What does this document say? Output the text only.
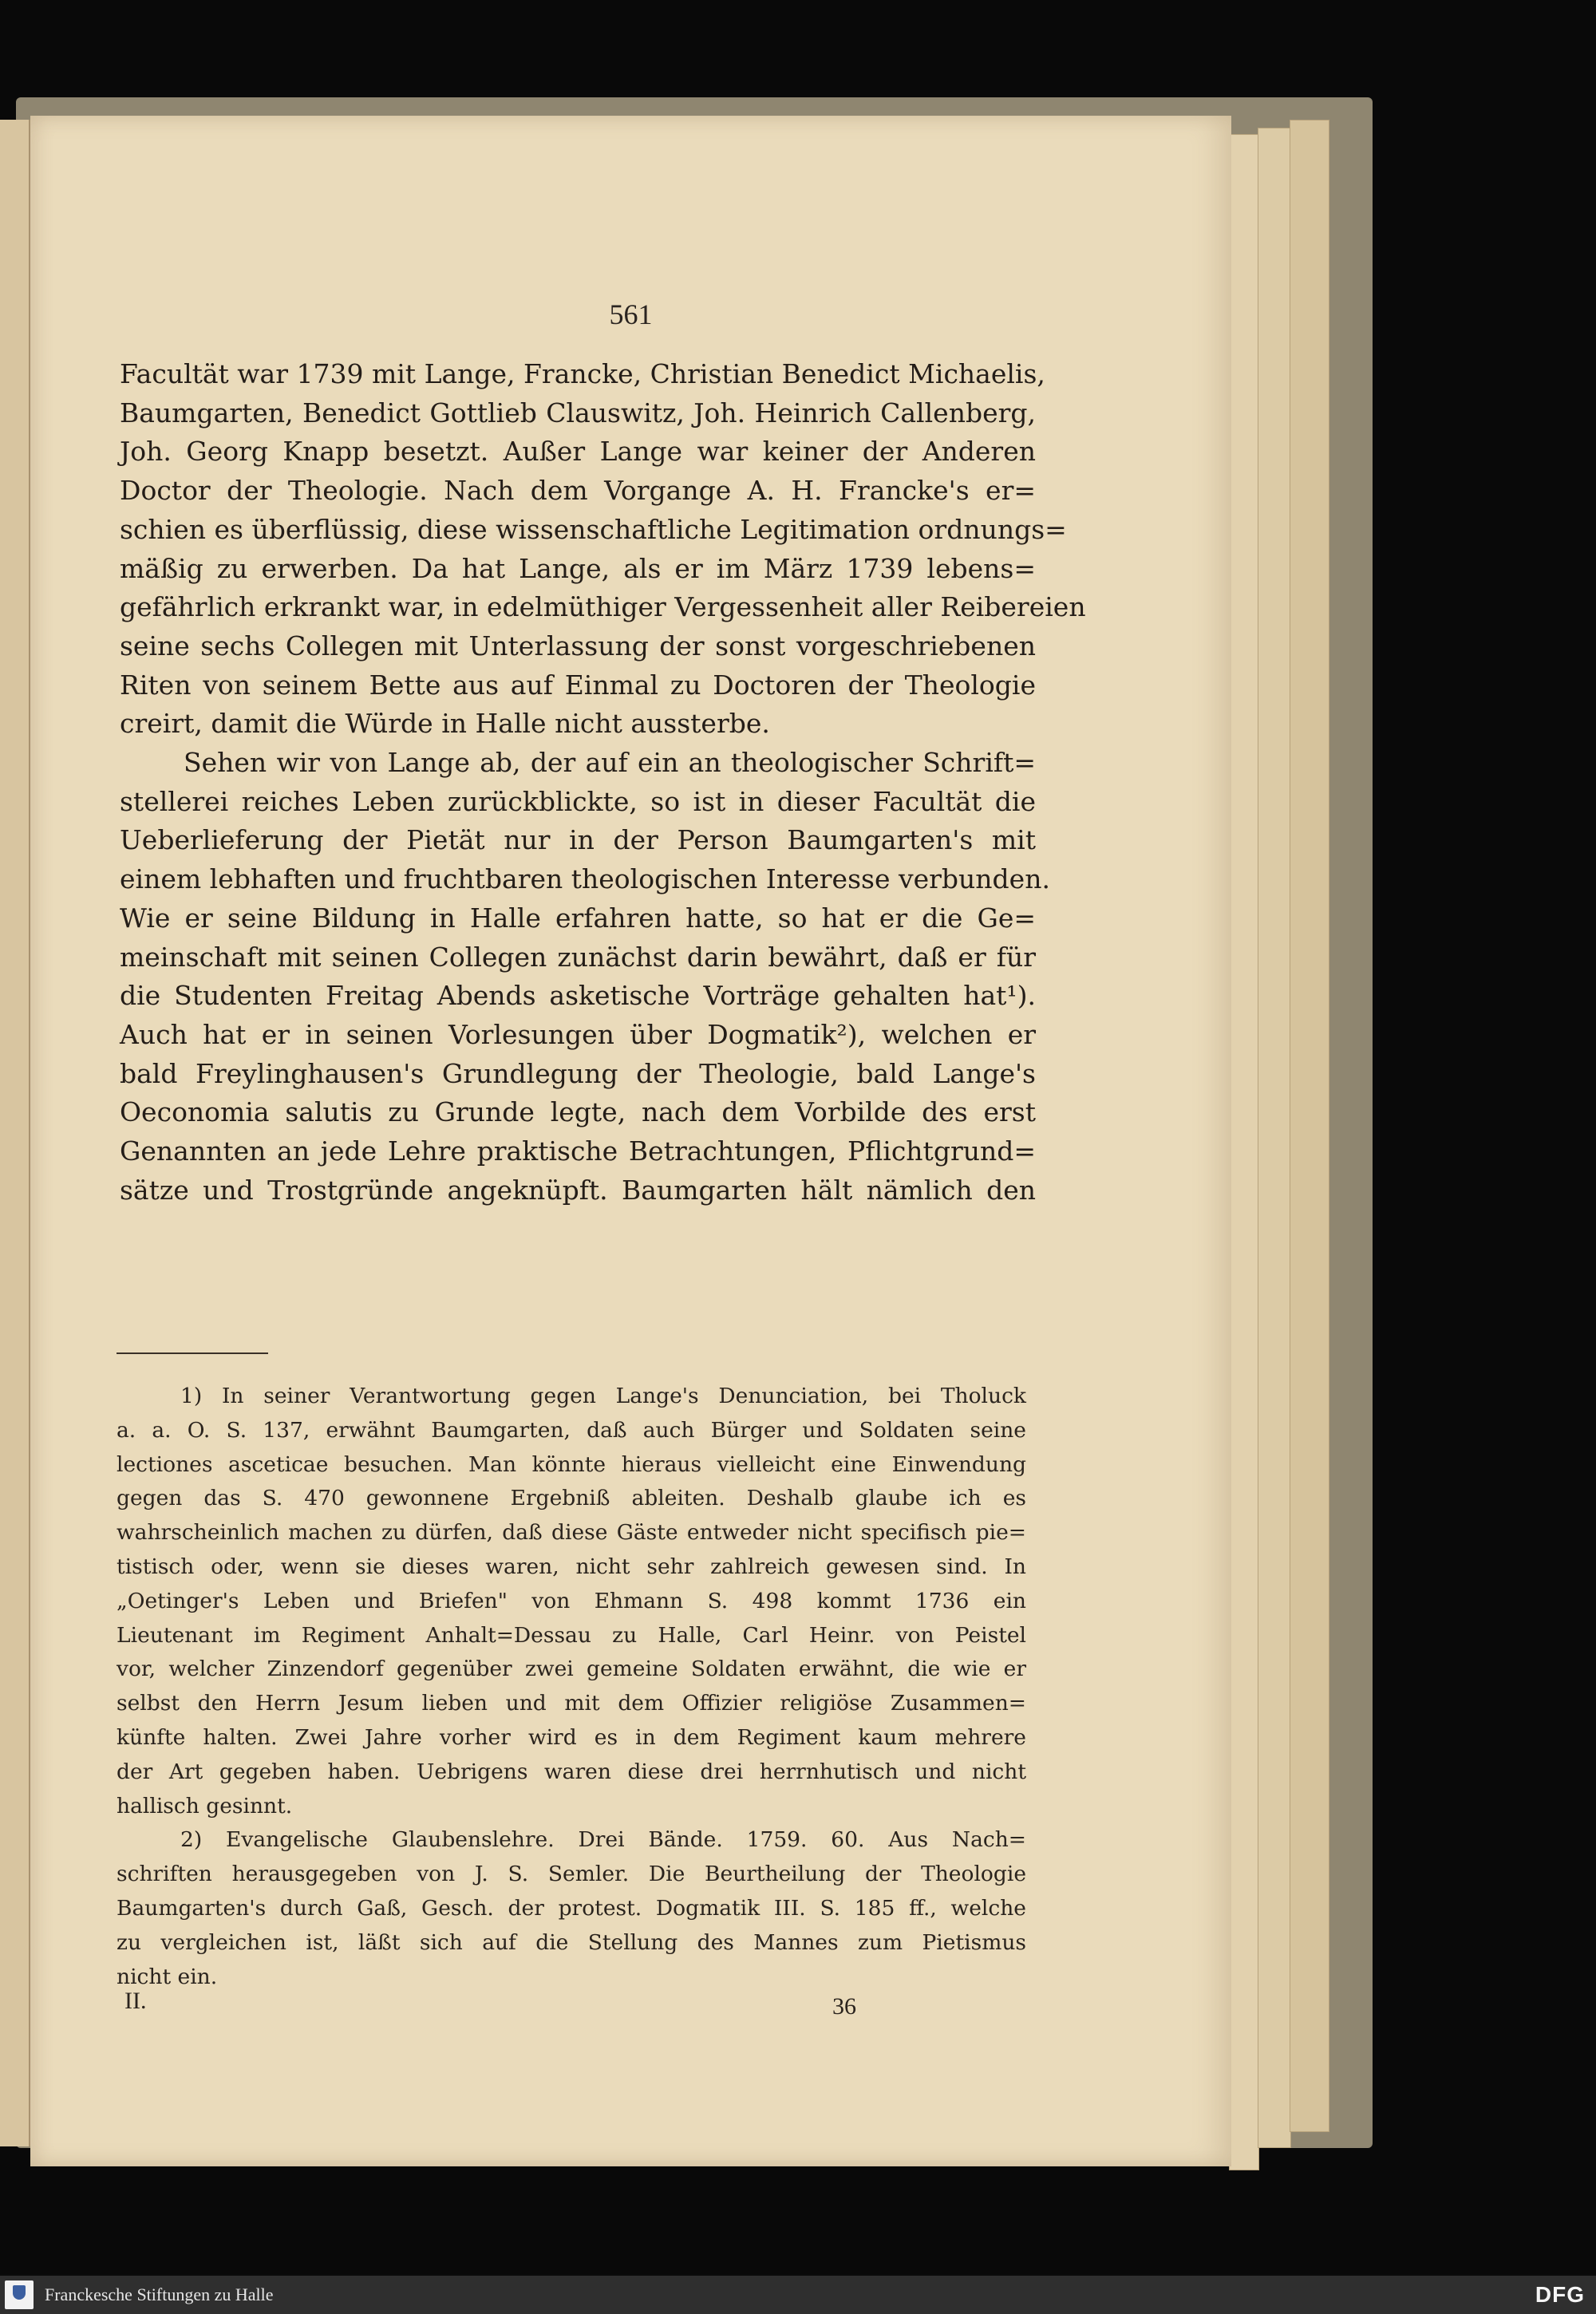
561
Facultät war 1739 mit Lange, Francke, Christian Benedict Michaelis,
Baumgarten, Benedict Gottlieb Clauswitz, Joh. Heinrich Callenberg,
Joh. Georg Knapp besetzt. Außer Lange war keiner der Anderen
Doctor der Theologie. Nach dem Vorgange A. H. Francke's er=
schien es überflüssig, diese wissenschaftliche Legitimation ordnungs=
mäßig zu erwerben. Da hat Lange, als er im März 1739 lebens=
gefährlich erkrankt war, in edelmüthiger Vergessenheit aller Reibereien
seine sechs Collegen mit Unterlassung der sonst vorgeschriebenen
Riten von seinem Bette aus auf Einmal zu Doctoren der Theologie
creirt, damit die Würde in Halle nicht aussterbe.
Sehen wir von Lange ab, der auf ein an theologischer Schrift=
stellerei reiches Leben zurückblickte, so ist in dieser Facultät die
Ueberlieferung der Pietät nur in der Person Baumgarten's mit
einem lebhaften und fruchtbaren theologischen Interesse verbunden.
Wie er seine Bildung in Halle erfahren hatte, so hat er die Ge=
meinschaft mit seinen Collegen zunächst darin bewährt, daß er für
die Studenten Freitag Abends asketische Vorträge gehalten hat¹).
Auch hat er in seinen Vorlesungen über Dogmatik²), welchen er
bald Freylinghausen's Grundlegung der Theologie, bald Lange's
Oeconomia salutis zu Grunde legte, nach dem Vorbilde des erst
Genannten an jede Lehre praktische Betrachtungen, Pflichtgrund=
sätze und Trostgründe angeknüpft. Baumgarten hält nämlich den
1) In seiner Verantwortung gegen Lange's Denunciation, bei Tholuck
a. a. O. S. 137, erwähnt Baumgarten, daß auch Bürger und Soldaten seine
lectiones asceticae besuchen. Man könnte hieraus vielleicht eine Einwendung
gegen das S. 470 gewonnene Ergebniß ableiten. Deshalb glaube ich es
wahrscheinlich machen zu dürfen, daß diese Gäste entweder nicht specifisch pie=
tistisch oder, wenn sie dieses waren, nicht sehr zahlreich gewesen sind. In
„Oetinger's Leben und Briefen" von Ehmann S. 498 kommt 1736 ein
Lieutenant im Regiment Anhalt=Dessau zu Halle, Carl Heinr. von Peistel
vor, welcher Zinzendorf gegenüber zwei gemeine Soldaten erwähnt, die wie er
selbst den Herrn Jesum lieben und mit dem Offizier religiöse Zusammen=
künfte halten. Zwei Jahre vorher wird es in dem Regiment kaum mehrere
der Art gegeben haben. Uebrigens waren diese drei herrnhutisch und nicht
hallisch gesinnt.
2) Evangelische Glaubenslehre. Drei Bände. 1759. 60. Aus Nach=
schriften herausgegeben von J. S. Semler. Die Beurtheilung der Theologie
Baumgarten's durch Gaß, Gesch. der protest. Dogmatik III. S. 185 ff., welche
zu vergleichen ist, läßt sich auf die Stellung des Mannes zum Pietismus
nicht ein.
II.	36
Franckesche Stiftungen zu Halle	DFG
